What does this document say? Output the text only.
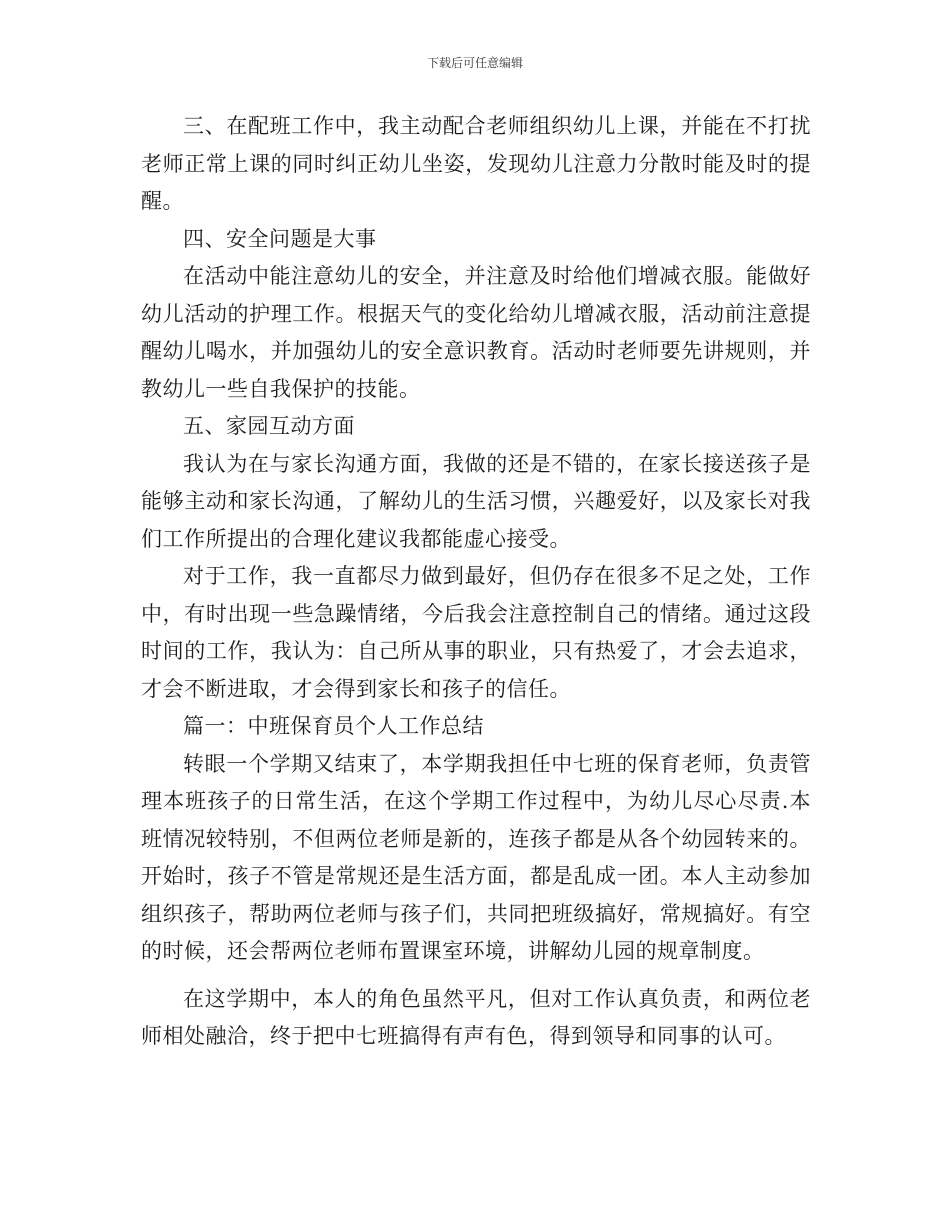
下载后可任意编辑

三、在配班工作中，我主动配合老师组织幼儿上课，并能在不打扰老师正常上课的同时纠正幼儿坐姿，发现幼儿注意力分散时能及时的提醒。

四、安全问题是大事

在活动中能注意幼儿的安全，并注意及时给他们增减衣服。能做好幼儿活动的护理工作。根据天气的变化给幼儿增减衣服，活动前注意提醒幼儿喝水，并加强幼儿的安全意识教育。活动时老师要先讲规则，并教幼儿一些自我保护的技能。

五、家园互动方面

我认为在与家长沟通方面，我做的还是不错的，在家长接送孩子是能够主动和家长沟通，了解幼儿的生活习惯，兴趣爱好，以及家长对我们工作所提出的合理化建议我都能虚心接受。

对于工作，我一直都尽力做到最好，但仍存在很多不足之处，工作中，有时出现一些急躁情绪，今后我会注意控制自己的情绪。通过这段时间的工作，我认为：自己所从事的职业，只有热爱了，才会去追求，才会不断进取，才会得到家长和孩子的信任。

篇一：中班保育员个人工作总结

转眼一个学期又结束了，本学期我担任中七班的保育老师，负责管理本班孩子的日常生活，在这个学期工作过程中，为幼儿尽心尽责.本班情况较特别，不但两位老师是新的，连孩子都是从各个幼园转来的。开始时，孩子不管是常规还是生活方面，都是乱成一团。本人主动参加组织孩子，帮助两位老师与孩子们，共同把班级搞好，常规搞好。有空的时候，还会帮两位老师布置课室环境，讲解幼儿园的规章制度。

在这学期中，本人的角色虽然平凡，但对工作认真负责，和两位老师相处融洽，终于把中七班搞得有声有色，得到领导和同事的认可。
